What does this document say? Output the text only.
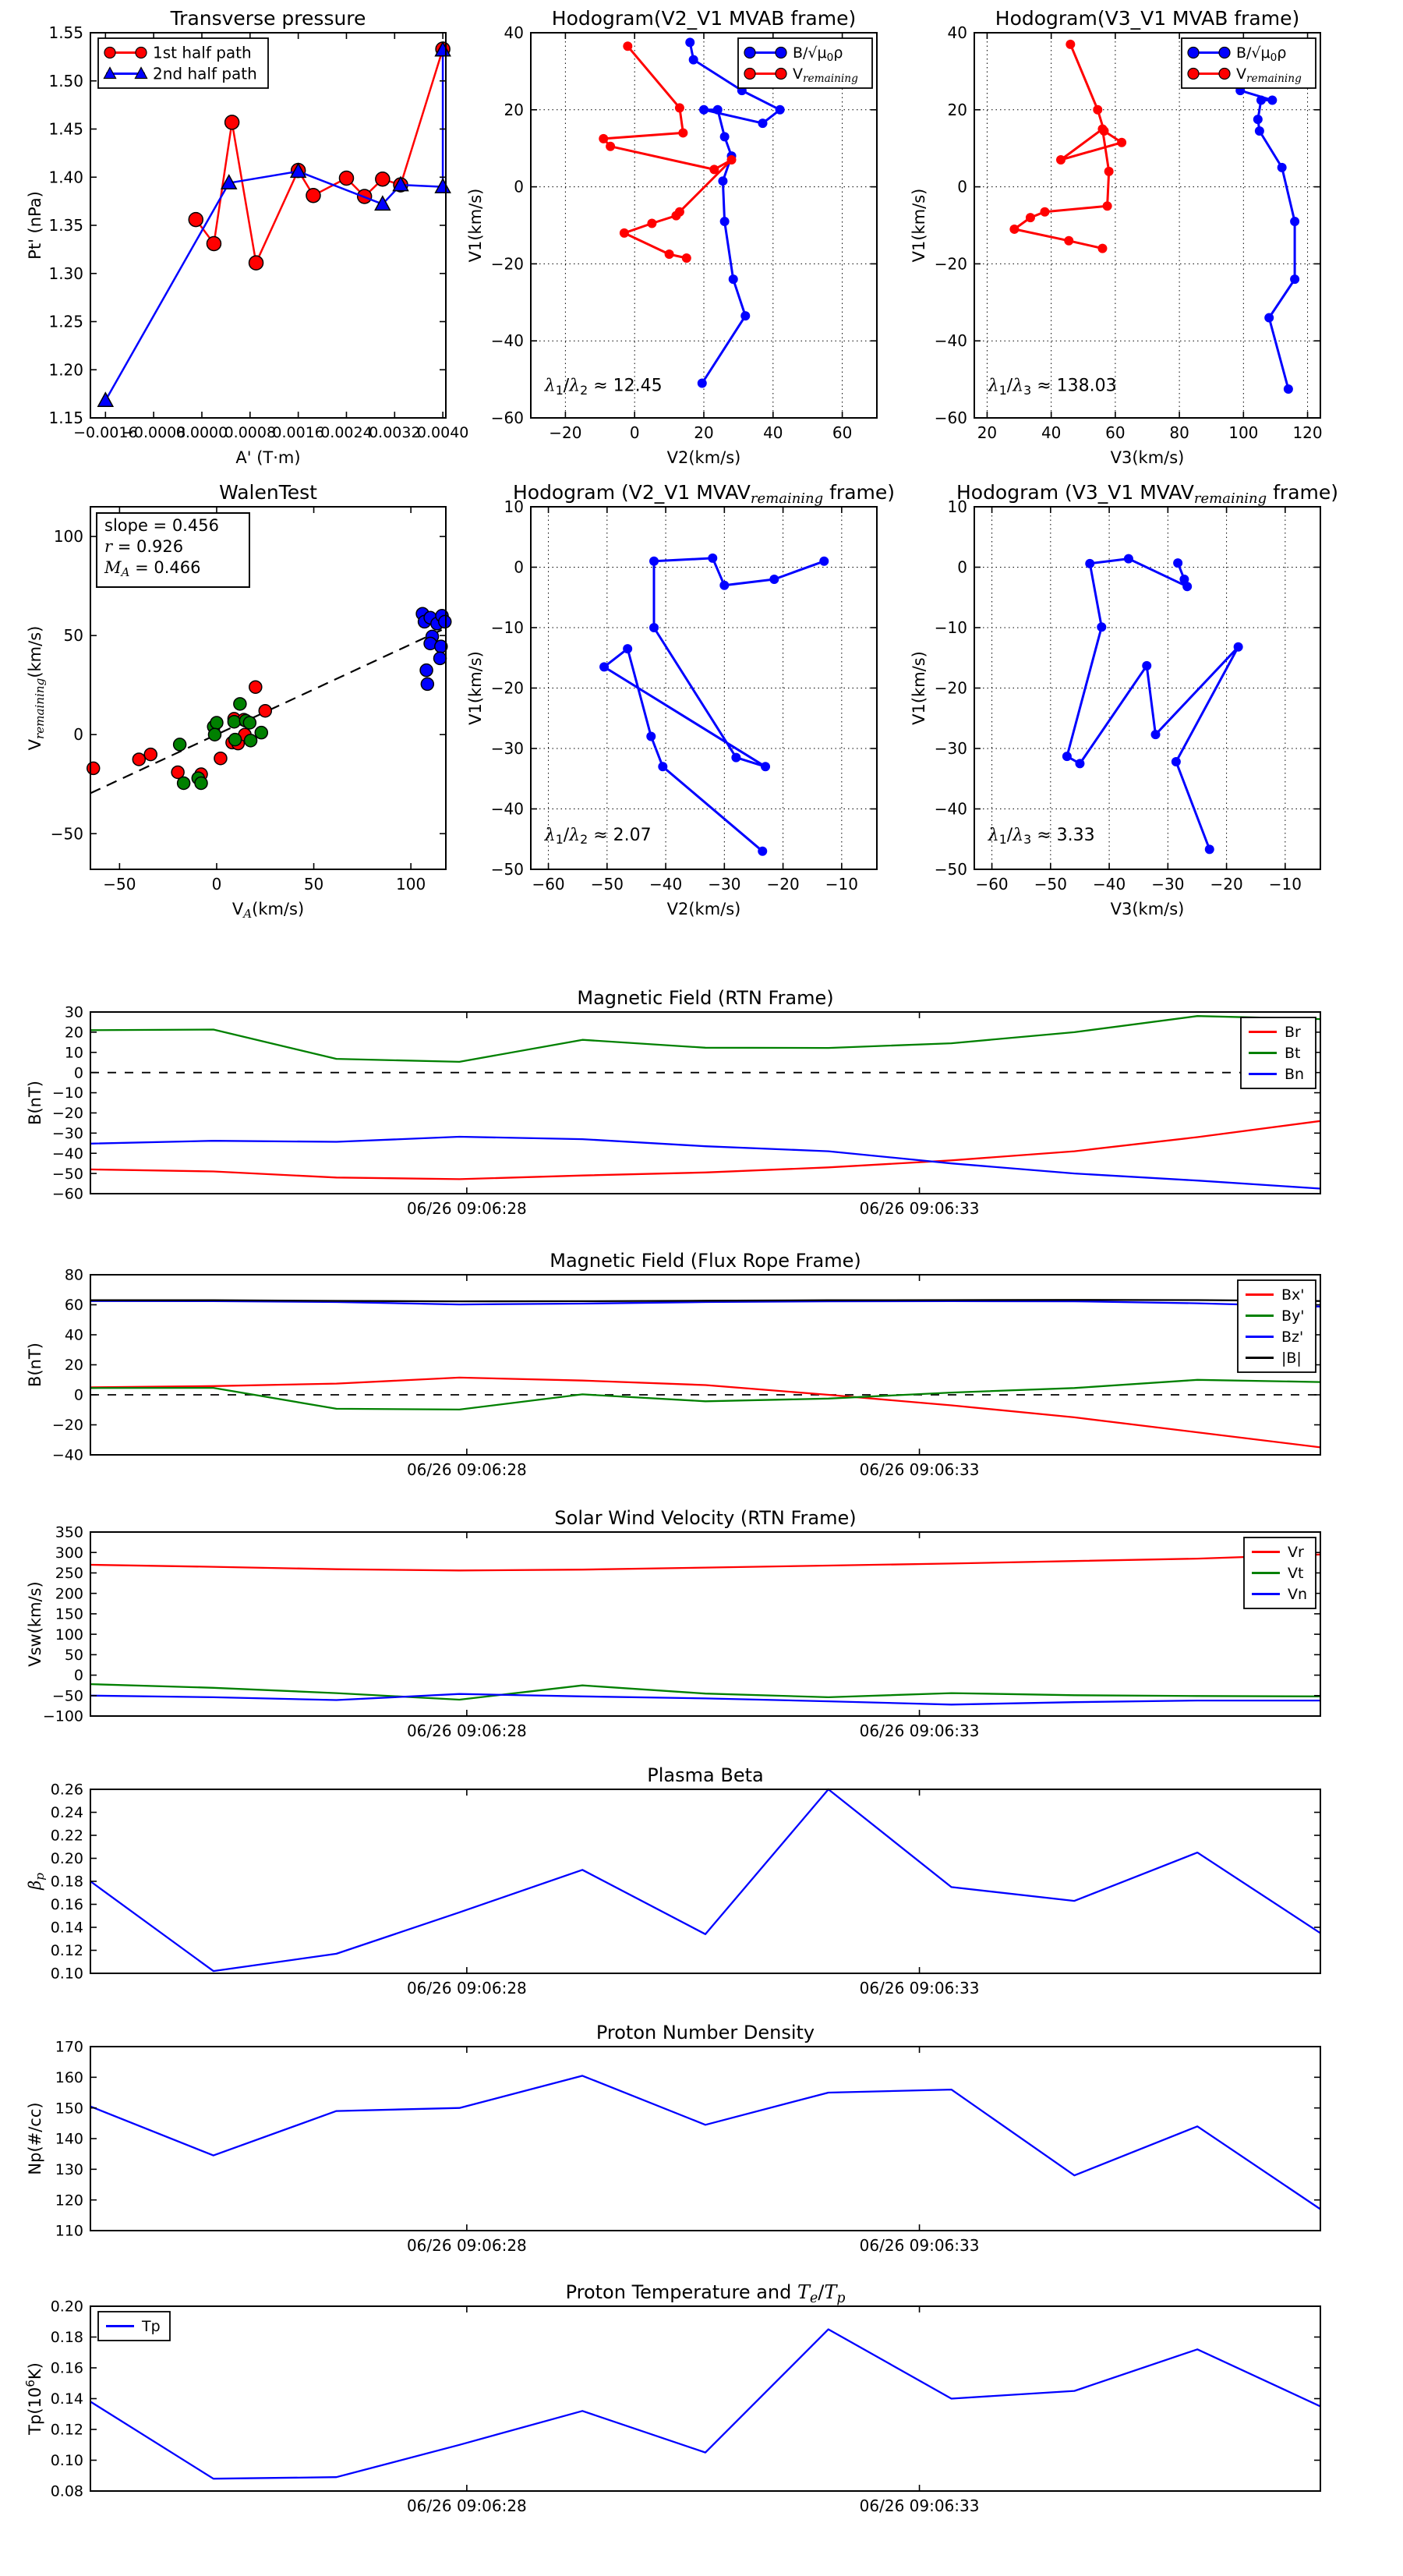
−0.0016
−0.0008
0.0000
0.0008
0.0016
0.0024
0.0032
0.0040
1.15
1.20
1.25
1.30
1.35
1.40
1.45
1.50
1.55
Transverse pressure
A' (T·m)
Pt' (nPa)
1st half path
2nd half path
−20	0	20	40	60
−60
−40
−20
0
20
40
Hodogram(V2_V1 MVAB frame)
V2(km/s)
V1(km/s)
$\lambda_1/\lambda_2 \approx 12.45$
$B/√\mu_0\rho$
$V_{remaining}$
20	40	60	80	100 120
−60
−40
−20
0
20
40
Hodogram(V3_V1 MVAB frame)
V3(km/s)
V1(km/s)
$\lambda_1/\lambda_3 \approx 138.03$
$B/√\mu_0\rho$
$V_{remaining}$
−50	0	50	100
−50
0
50
100
WalenTest
$V_A(km/s)$
$V_{remaining}(km/s)$
slope = 0.456
r = 0.926
$M_A = 0.466$
−60 −50 −40 −30 −20 −10
−50
−40
−30
−20
−10
0
10
Hodogram (V2_V1 $MVAV_{remaining}$ frame)
V2(km/s)
V1(km/s)
$\lambda_1/\lambda_2 \approx 2.07$
−60 −50 −40 −30 −20 −10
−50
−40
−30
−20
−10
0
10
Hodogram (V3_V1 $MVAV_{remaining}$ frame)
V3(km/s)
V1(km/s)
$\lambda_1/\lambda_3 \approx 3.33$
06/26 09:06:28	06/26 09:06:33
−60
−50
−40
−30
−20
−10
0
10
20
30
Magnetic Field (RTN Frame)
B(nT)
Br
Bt
Bn
06/26 09:06:28	06/26 09:06:33
−40
−20
0
20
40
60
80
Magnetic Field (Flux Rope Frame)
B(nT)
Bx'
By'
Bz'
|B|
06/26 09:06:28	06/26 09:06:33
−100
−50
0
50
100
150
200
250
300
350
Solar Wind Velocity (RTN Frame)
Vsw(km/s)
Vr
Vt
Vn
06/26 09:06:28	06/26 09:06:33
0.10
0.12
0.14
0.16
0.18
0.20
0.22
0.24
0.26
Plasma Beta
$\beta_p$
06/26 09:06:28	06/26 09:06:33
110
120
130
140
150
160
170
Proton Number Density
Np(#/cc)
06/26 09:06:28	06/26 09:06:33
0.08
0.10
0.12
0.14
0.16
0.18
0.20
Proton Temperature and $T_e/T_p$
$Tp(10^6K)$
Tp
